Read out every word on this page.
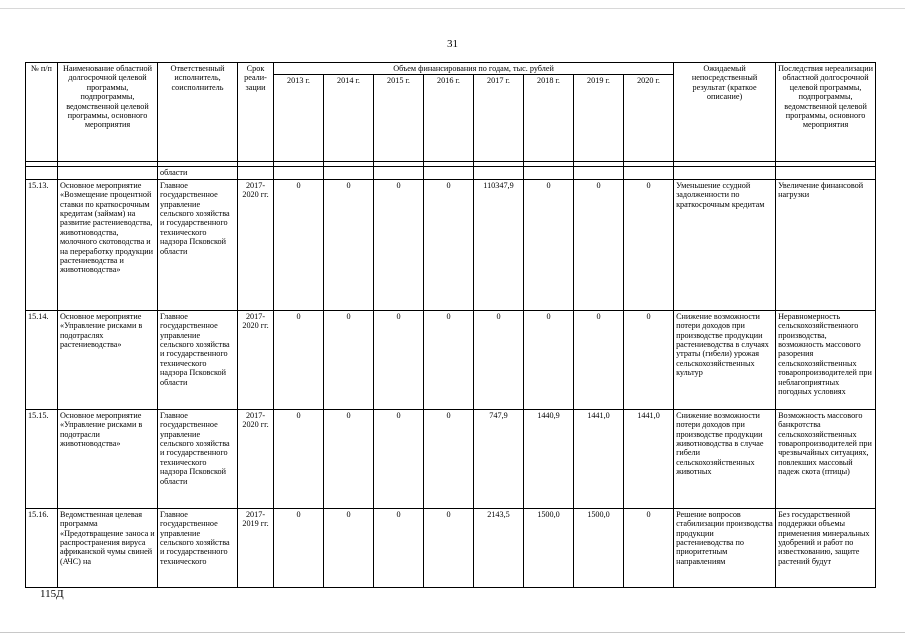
31
№ п/п	Наименование областной долгосрочной целевой программы, подпрограммы, ведомственной целевой программы, основного мероприятия	Ответственный исполнитель, соисполнитель	Срок реали-зации	Объем финансирования по годам, тыс. рублей								Ожидаемый непосредственный результат (краткое описание)	Последствия нереализации областной долгосрочной целевой программы, подпрограммы, ведомственной целевой программы, основного мероприятия
				2013 г.	2014 г.	2015 г.	2016 г.	2017 г.	2018 г.	2019 г.	2020 г.		

		области											
15.13.	Основное мероприятие «Возмещение процентной ставки по краткосрочным кредитам (займам) на развитие растениеводства, животноводства, молочного скотоводства и на переработку продукции растениеводства и животноводства»	Главное государственное управление сельского хозяйства и государственного технического надзора Псковской области	2017-2020 гг.	0	0	0	0	110347,9	0	0	0	Уменьшение ссудной задолженности по краткосрочным кредитам	Увеличение финансовой нагрузки
15.14.	Основное мероприятие «Управление рисками в подотраслях растениеводства»	Главное государственное управление сельского хозяйства и государственного технического надзора Псковской области	2017-2020 гг.	0	0	0	0	0	0	0	0	Снижение возможности потери доходов при производстве продукции растениеводства в случаях утраты (гибели) урожая сельскохозяйственных культур	Неравномерность сельскохозяйственного производства, возможность массового разорения сельскохозяйственных товаропроизводителей при неблагоприятных погодных условиях
15.15.	Основное мероприятие «Управление рисками в подотрасли животноводства»	Главное государственное управление сельского хозяйства и государственного технического надзора Псковской области	2017-2020 гг.	0	0	0	0	747,9	1440,9	1441,0	1441,0	Снижение возможности потери доходов при производстве продукции животноводства в случае гибели сельскохозяйственных животных	Возможность массового банкротства сельскохозяйственных товаропроизводителей при чрезвычайных ситуациях, повлекших массовый падеж скота (птицы)
15.16.	Ведомственная целевая программа «Предотвращение заноса и распространения вируса африканской чумы свиней (АЧС) на	Главное государственное управление сельского хозяйства и государственного технического	2017-2019 гг.	0	0	0	0	2143,5	1500,0	1500,0	0	Решение вопросов стабилизации производства продукции растениеводства по приоритетным направлениям	Без государственной поддержки объемы применения минеральных удобрений и работ по известкованию, защите растений будут
115Д
